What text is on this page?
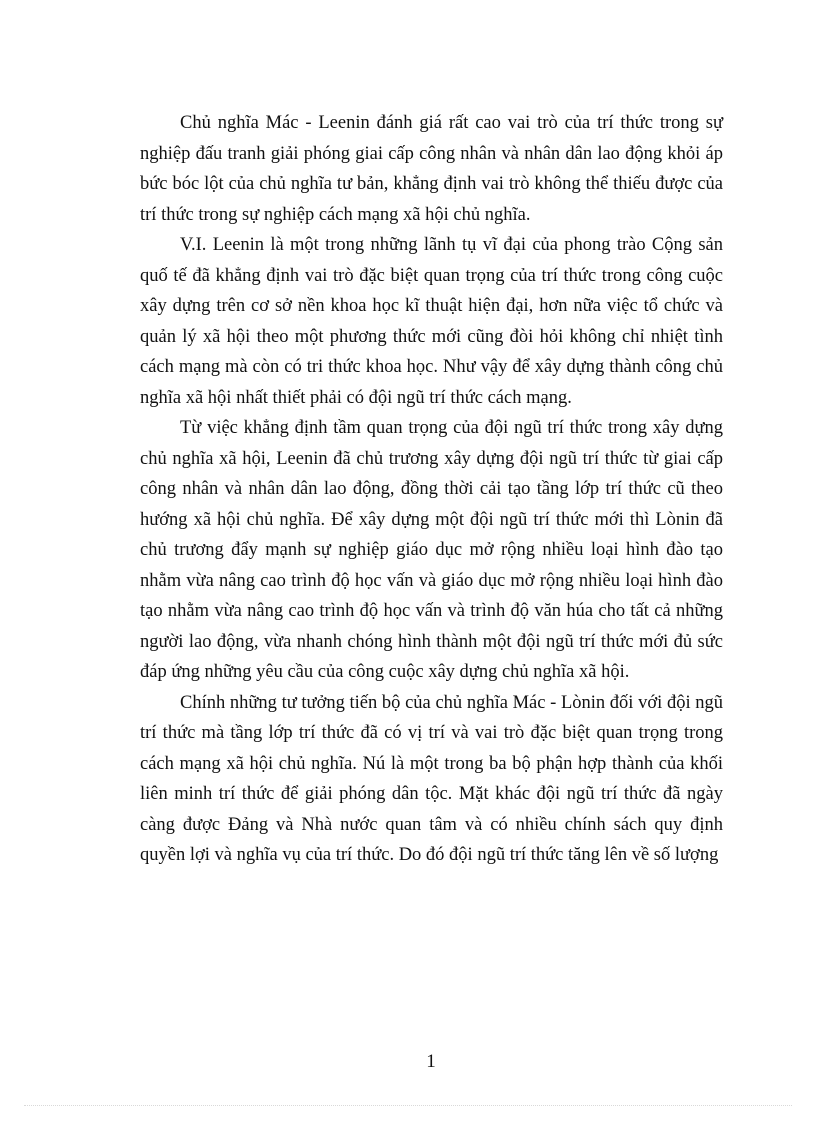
Chủ nghĩa Mác - Leenin đánh giá rất cao vai trò của trí thức trong sự nghiệp đấu tranh giải phóng giai cấp công nhân và nhân dân lao động khỏi áp bức bóc lột của chủ nghĩa tư bản, khẳng định vai trò không thể thiếu được của trí thức trong sự nghiệp cách mạng xã hội chủ nghĩa.

V.I. Leenin là một trong những lãnh tụ vĩ đại của phong trào Cộng sản quố tế đã khẳng định vai trò đặc biệt quan trọng của trí thức trong công cuộc xây dựng trên cơ sở nền khoa học kĩ thuật hiện đại, hơn nữa việc tổ chức và quản lý xã hội theo một phương thức mới cũng đòi hỏi không chỉ nhiệt tình cách mạng mà còn có tri thức khoa học. Như vậy để xây dựng thành công chủ nghĩa xã hội nhất thiết phải có đội ngũ trí thức cách mạng.

Từ việc khẳng định tầm quan trọng của đội ngũ trí thức trong xây dựng chủ nghĩa xã hội, Leenin đã chủ trương xây dựng đội ngũ trí thức từ giai cấp công nhân và nhân dân lao động, đồng thời cải tạo tầng lớp trí thức cũ theo hướng xã hội chủ nghĩa. Để xây dựng một đội ngũ trí thức mới thì Lònin đã chủ trương đẩy mạnh sự nghiệp giáo dục mở rộng nhiều loại hình đào tạo nhằm vừa nâng cao trình độ học vấn và giáo dục mở rộng nhiều loại hình đào tạo nhằm vừa nâng cao trình độ học vấn và trình độ văn húa cho tất cả những người lao động, vừa nhanh chóng hình thành một đội ngũ trí thức mới đủ sức đáp ứng những yêu cầu của công cuộc xây dựng chủ nghĩa xã hội.

Chính những tư tưởng tiến bộ của chủ nghĩa Mác - Lònin đối với đội ngũ trí thức mà tầng lớp trí thức đã có vị trí và vai trò đặc biệt quan trọng trong cách mạng xã hội chủ nghĩa. Nú là một trong ba bộ phận hợp thành của khối liên minh trí thức để giải phóng dân tộc. Mặt khác đội ngũ trí thức đã ngày càng được Đảng và Nhà nước quan tâm và có nhiều chính sách quy định quyền lợi và nghĩa vụ của trí thức. Do đó đội ngũ trí thức tăng lên về số lượng

1
